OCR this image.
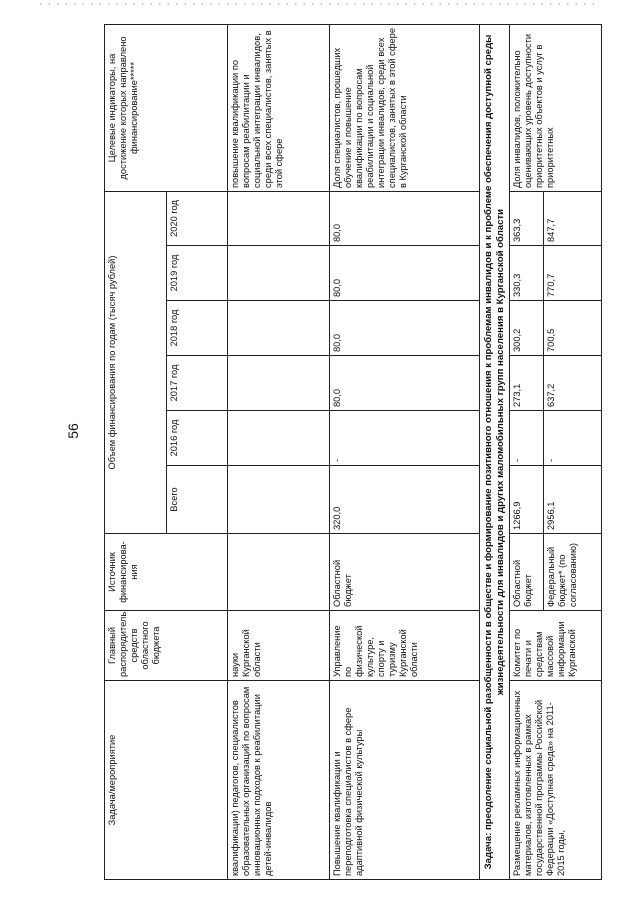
56
Задача/мероприятие	Главный распорядитель средств областного бюджета	Источник финансирова-ния	Объем финансирования по годам (тысяч рублей)						Целевые индикаторы, на достижение которых направлено финансирование*****
			Всего	2016 год	2017 год	2018 год	2019 год	2020 год	
квалификации) педагогов, специалистов образовательных организаций по вопросам инновационных подходов к реабилитации детей-инвалидов	науки Курганской области								повышение квалификации по вопросам реабилитации и социальной интеграции инвалидов, среди всех специалистов, занятых в этой сфере
Повышение квалификации и переподготовка специалистов в сфере адаптивной физической культуры	Управление по физической культуре, спорту и туризму Курганской области	Областной бюджет	320,0	-	80,0	80,0	80,0	80,0	Доля специалистов, прошедших обучение и повышение квалификации по вопросам реабилитации и социальной интеграции инвалидов, среди всех специалистов, занятых в этой сфере в Курганской области
Задача: преодоление социальной разобщенности в обществе и формирование позитивного отношения к проблемам инвалидов и к проблеме обеспечения доступной среды жизнедеятельности для инвалидов и других маломобильных групп населения в Курганской области									
Размещение рекламных информационных материалов, изготовленных в рамках государственной программы Российской Федерации «Доступная среда» на 2011-2015 годы,	Комитет по печати и средствам массовой информации Курганской	Областной бюджет	1266,9	-	273,1	300,2	330,3	363,3	Доля инвалидов, положительно оценивающих уровень доступности приоритетных объектов и услуг в приоритетных
		Федеральный бюджет* (по согласованию)	2956,1	-	637,2	700,5	770,7	847,7	
